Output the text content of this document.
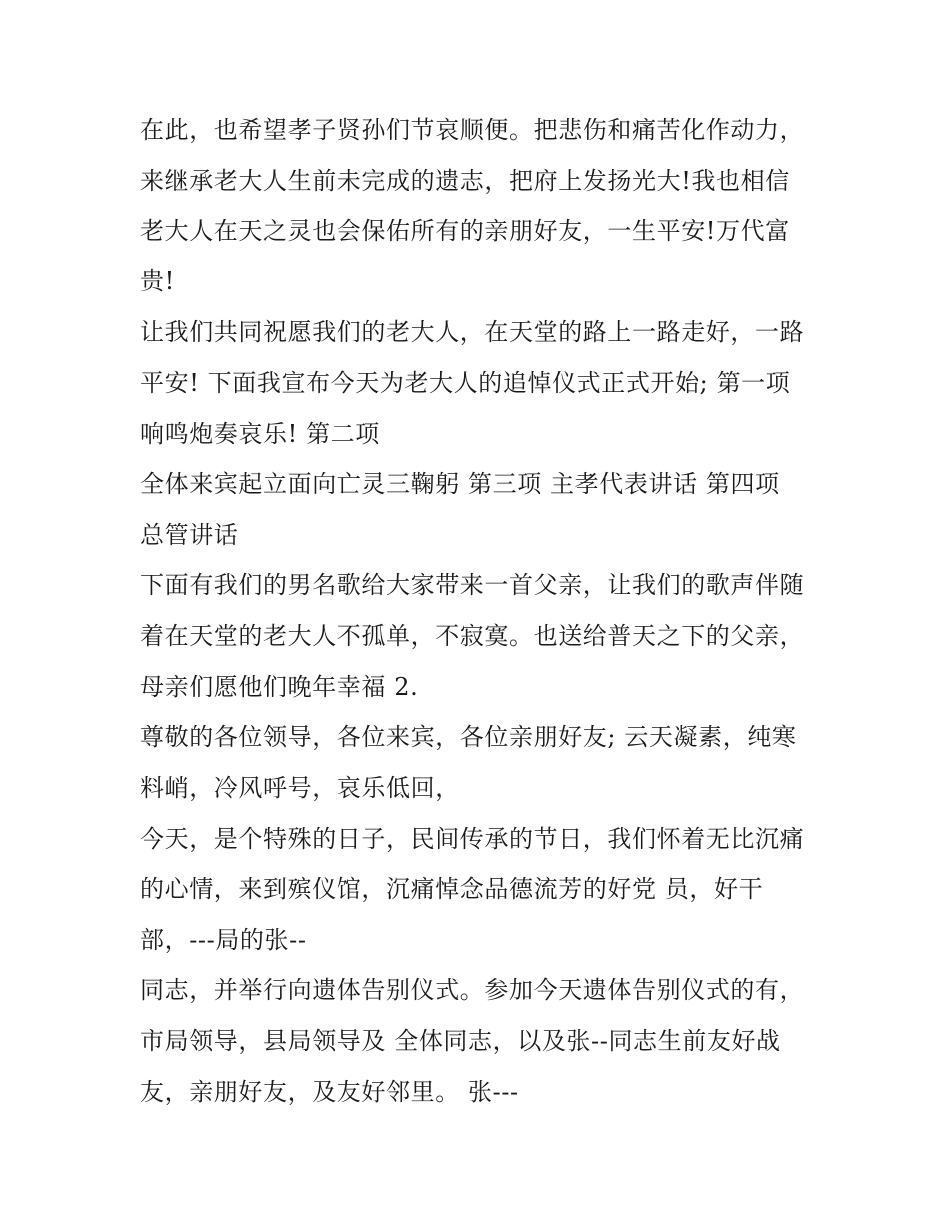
在此，也希望孝子贤孙们节哀顺便。把悲伤和痛苦化作动力，
来继承老大人生前未完成的遗志，把府上发扬光大!我也相信
老大人在天之灵也会保佑所有的亲朋好友，一生平安!万代富
贵!
让我们共同祝愿我们的老大人，在天堂的路上一路走好，一路
平安! 下面我宣布今天为老大人的追悼仪式正式开始; 第一项
响鸣炮奏哀乐! 第二项
全体来宾起立面向亡灵三鞠躬 第三项 主孝代表讲话 第四项
总管讲话
下面有我们的男名歌给大家带来一首父亲，让我们的歌声伴随
着在天堂的老大人不孤单，不寂寞。也送给普天之下的父亲，
母亲们愿他们晚年幸福 2.
尊敬的各位领导，各位来宾，各位亲朋好友; 云天凝素，纯寒
料峭，冷风呼号，哀乐低回，
今天，是个特殊的日子，民间传承的节日，我们怀着无比沉痛
的心情，来到殡仪馆，沉痛悼念品德流芳的好党 员，好干
部，---局的张--
同志，并举行向遗体告别仪式。参加今天遗体告别仪式的有，
市局领导，县局领导及 全体同志，以及张--同志生前友好战
友，亲朋好友，及友好邻里。 张---
